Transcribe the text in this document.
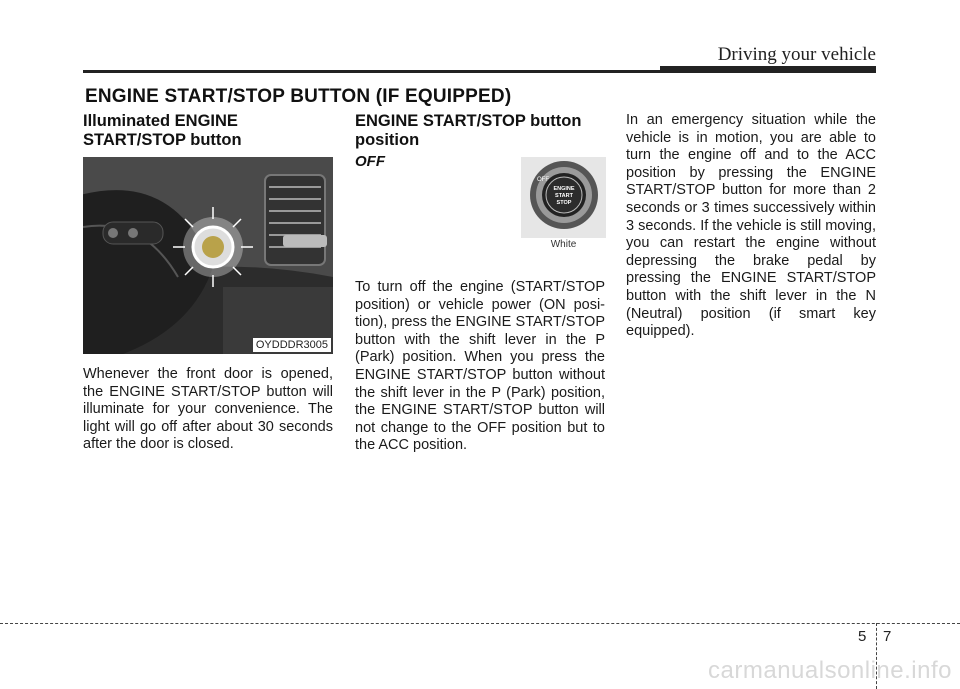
Driving your vehicle
ENGINE START/STOP BUTTON (IF EQUIPPED)
Illuminated ENGINE
START/STOP button
OYDDDR3005

Whenever the front door is opened, the ENGINE START/STOP button will illuminate for your convenience. The light will go off after about 30 seconds after the door is closed.

ENGINE START/STOP button
position
OFF
OFF
ENGINE
START
STOP
White

To turn off the engine (START/STOP position) or vehicle power (ON posi-tion), press the ENGINE START/STOP button with the shift lever in the P (Park) position. When you press the ENGINE START/STOP button without the shift lever in the P (Park) position, the ENGINE START/STOP button will not change to the OFF position but to the ACC position.

In an emergency situation while the vehicle is in motion, you are able to turn the engine off and to the ACC position by pressing the ENGINE START/STOP button for more than 2 seconds or 3 times successively within 3 seconds. If the vehicle is still moving, you can restart the engine without depressing the brake pedal by pressing the ENGINE START/STOP button with the shift lever in the N (Neutral) position (if smart key equipped).

5 7
carmanualsonline.info
